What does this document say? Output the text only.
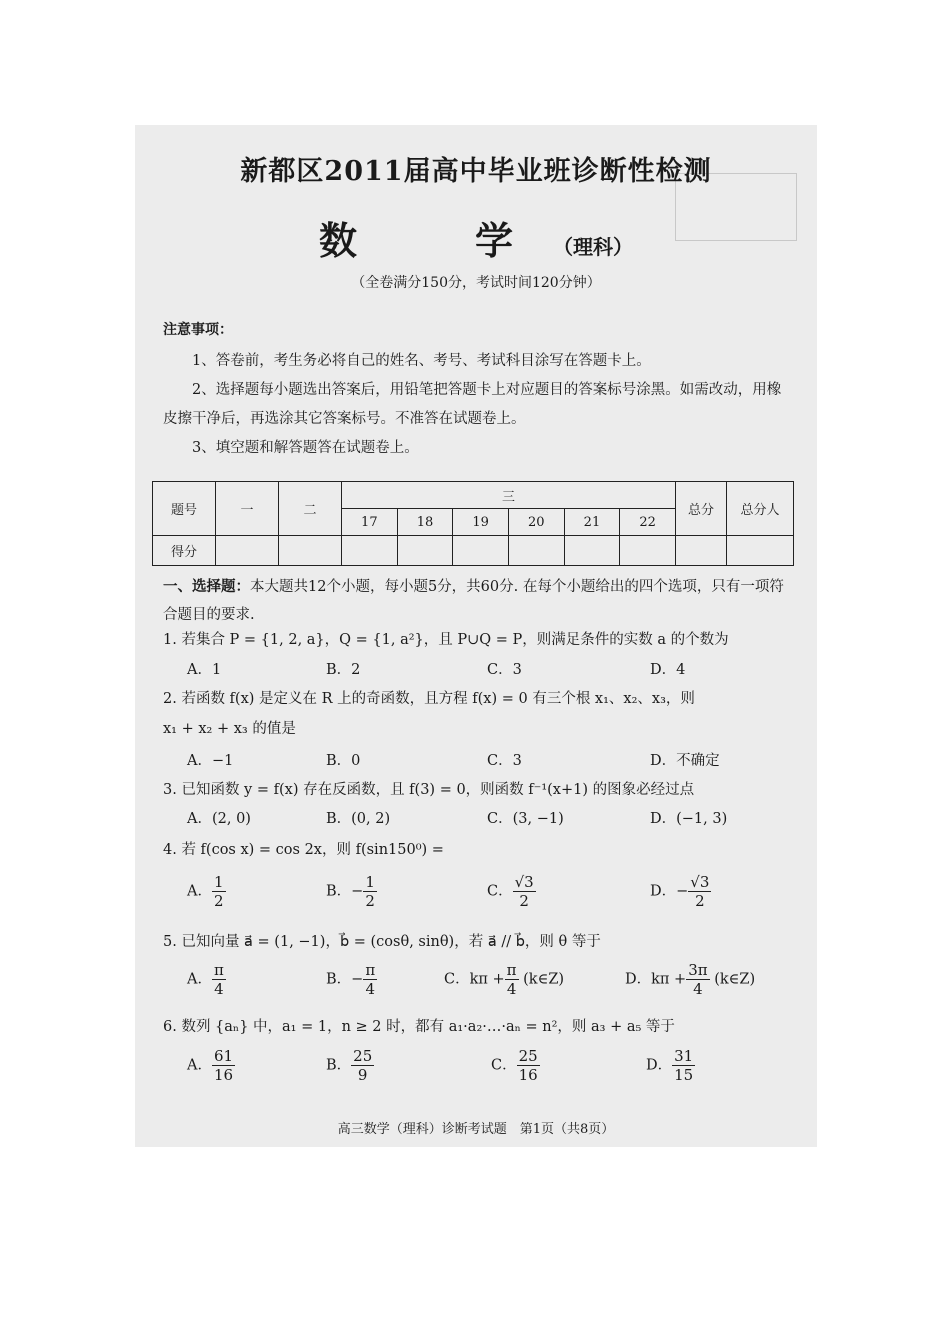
新都区2011届高中毕业班诊断性检测
数　学（理科）
（全卷满分150分，考试时间120分钟）
注意事项：
1、答卷前，考生务必将自己的姓名、考号、考试科目涂写在答题卡上。
2、选择题每小题选出答案后，用铅笔把答题卡上对应题目的答案标号涂黑。如需改动，用橡皮擦干净后，再选涂其它答案标号。不准答在试题卷上。
3、填空题和解答题答在试题卷上。
题号	一	二	三						总分	总分人
			17	18	19	20	21	22		
得分										
一、选择题：本大题共12个小题，每小题5分，共60分. 在每个小题给出的四个选项，只有一项符合题目的要求.
1. 若集合 P = {1, 2, a}，Q = {1, a²}，且 P∪Q = P，则满足条件的实数 a 的个数为
A．1	B．2	C．3	D．4
2. 若函数 f(x) 是定义在 R 上的奇函数，且方程 f(x) = 0 有三个根 x₁、x₂、x₃，则
x₁ + x₂ + x₃ 的值是
A．−1	B．0	C．3	D．不确定
3. 已知函数 y = f(x) 存在反函数，且 f(3) = 0，则函数 f⁻¹(x+1) 的图象必经过点
A．(2, 0)	B．(0, 2)	C．(3, −1)	D．(−1, 3)
4. 若 f(cos x) = cos 2x，则 f(sin150⁰) =
A． $\frac{1}{2}$	B．− $\frac{1}{2}$	C． $\frac{√3}{2}$	D．− $\frac{√3}{2}$
5. 已知向量 a⃗ = (1, −1)，b⃗ = (cosθ, sinθ)，若 a⃗ // b⃗，则 θ 等于
A． $\frac{\pi}{4}$	B．− $\frac{\pi}{4}$	C．$k\pi + \frac{\pi}{4}$ (k∈Z)	D．$k\pi + \frac{3\pi}{4}$ (k∈Z)
6. 数列 {aₙ} 中，a₁ = 1，n ≥ 2 时，都有 a₁·a₂·…·aₙ = n²，则 a₃ + a₅ 等于
A． $\frac{61}{16}$	B． $\frac{25}{9}$	C． $\frac{25}{16}$	D． $\frac{31}{15}$
高三数学（理科）诊断考试题　第1页（共8页）
